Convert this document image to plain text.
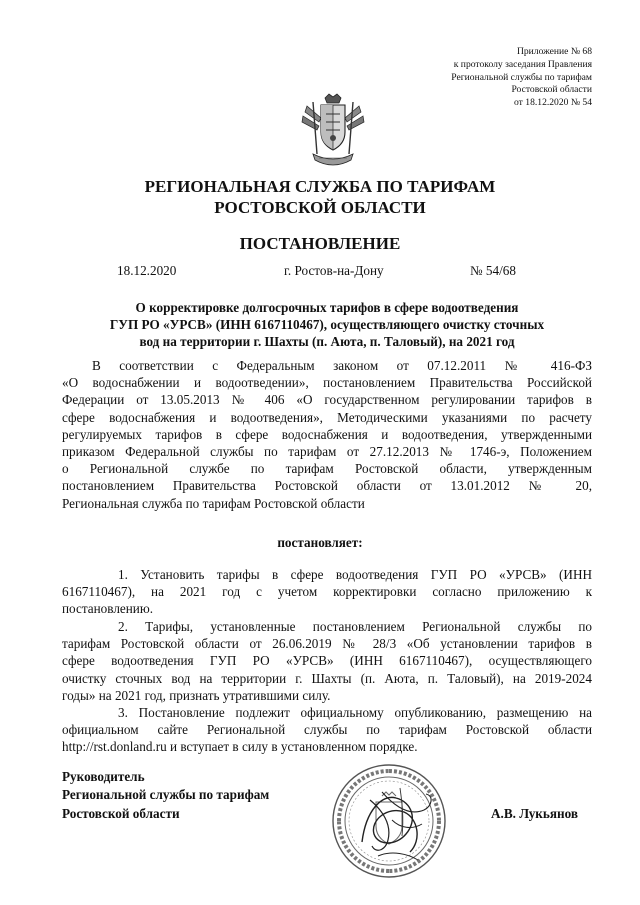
Приложение № 68
к протоколу заседания Правления
Региональной службы по тарифам
Ростовской области
от 18.12.2020 № 54
РЕГИОНАЛЬНАЯ СЛУЖБА ПО ТАРИФАМ
РОСТОВСКОЙ ОБЛАСТИ
ПОСТАНОВЛЕНИЕ
18.12.2020	г. Ростов-на-Дону	№ 54/68
О корректировке долгосрочных тарифов в сфере водоотведения
ГУП РО «УРСВ» (ИНН 6167110467), осуществляющего очистку сточных
вод на территории г. Шахты (п. Аюта, п. Таловый), на 2021 год
В соответствии с Федеральным законом от 07.12.2011 № 416-ФЗ
«О водоснабжении и водоотведении», постановлением Правительства Российской
Федерации от 13.05.2013 № 406 «О государственном регулировании тарифов в
сфере водоснабжения и водоотведения», Методическими указаниями по расчету
регулируемых тарифов в сфере водоснабжения и водоотведения, утвержденными
приказом Федеральной службы по тарифам от 27.12.2013 № 1746-э, Положением
о Региональной службе по тарифам Ростовской области, утвержденным
постановлением Правительства Ростовской области от 13.01.2012 № 20,
Региональная служба по тарифам Ростовской области
постановляет:
1. Установить тарифы в сфере водоотведения ГУП РО «УРСВ» (ИНН
6167110467), на 2021 год с учетом корректировки согласно приложению к
постановлению.
2. Тарифы, установленные постановлением Региональной службы по
тарифам Ростовской области от 26.06.2019 № 28/3 «Об установлении тарифов в
сфере водоотведения ГУП РО «УРСВ» (ИНН 6167110467), осуществляющего
очистку сточных вод на территории г. Шахты (п. Аюта, п. Таловый), на 2019-2024
годы» на 2021 год, признать утратившими силу.
3. Постановление подлежит официальному опубликованию, размещению на
официальном сайте Региональной службы по тарифам Ростовской области
http://rst.donland.ru и вступает в силу в установленном порядке.
Руководитель
Региональной службы по тарифам
Ростовской области	А.В. Лукьянов
